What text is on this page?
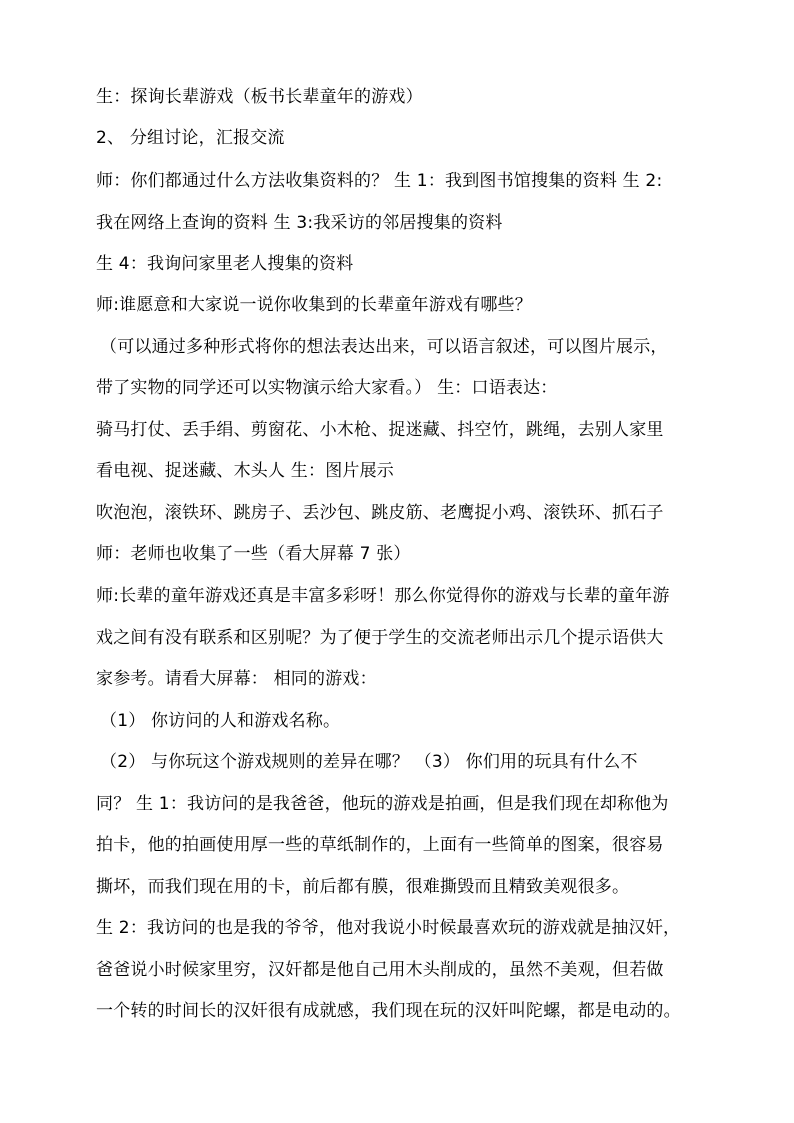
生：探询长辈游戏（板书长辈童年的游戏）
2、 分组讨论，汇报交流
师：你们都通过什么方法收集资料的？ 生 1：我到图书馆搜集的资料 生 2:
我在网络上查询的资料 生 3:我采访的邻居搜集的资料
生 4：我询问家里老人搜集的资料
师:谁愿意和大家说一说你收集到的长辈童年游戏有哪些？
（可以通过多种形式将你的想法表达出来，可以语言叙述，可以图片展示，
带了实物的同学还可以实物演示给大家看。） 生：口语表达：
骑马打仗、丢手绢、剪窗花、小木枪、捉迷藏、抖空竹，跳绳，去别人家里
看电视、捉迷藏、木头人 生：图片展示
吹泡泡，滚铁环、跳房子、丢沙包、跳皮筋、老鹰捉小鸡、滚铁环、抓石子
师：老师也收集了一些（看大屏幕 7 张）
师:长辈的童年游戏还真是丰富多彩呀！那么你觉得你的游戏与长辈的童年游
戏之间有没有联系和区别呢？为了便于学生的交流老师出示几个提示语供大
家参考。请看大屏幕： 相同的游戏：
（1） 你访问的人和游戏名称。
（2） 与你玩这个游戏规则的差异在哪？ （3） 你们用的玩具有什么不
同？ 生 1：我访问的是我爸爸，他玩的游戏是拍画，但是我们现在却称他为
拍卡，他的拍画使用厚一些的草纸制作的，上面有一些简单的图案，很容易
撕坏，而我们现在用的卡，前后都有膜，很难撕毁而且精致美观很多。
生 2：我访问的也是我的爷爷，他对我说小时候最喜欢玩的游戏就是抽汉奸，
爸爸说小时候家里穷，汉奸都是他自己用木头削成的，虽然不美观，但若做
一个转的时间长的汉奸很有成就感，我们现在玩的汉奸叫陀螺，都是电动的。
